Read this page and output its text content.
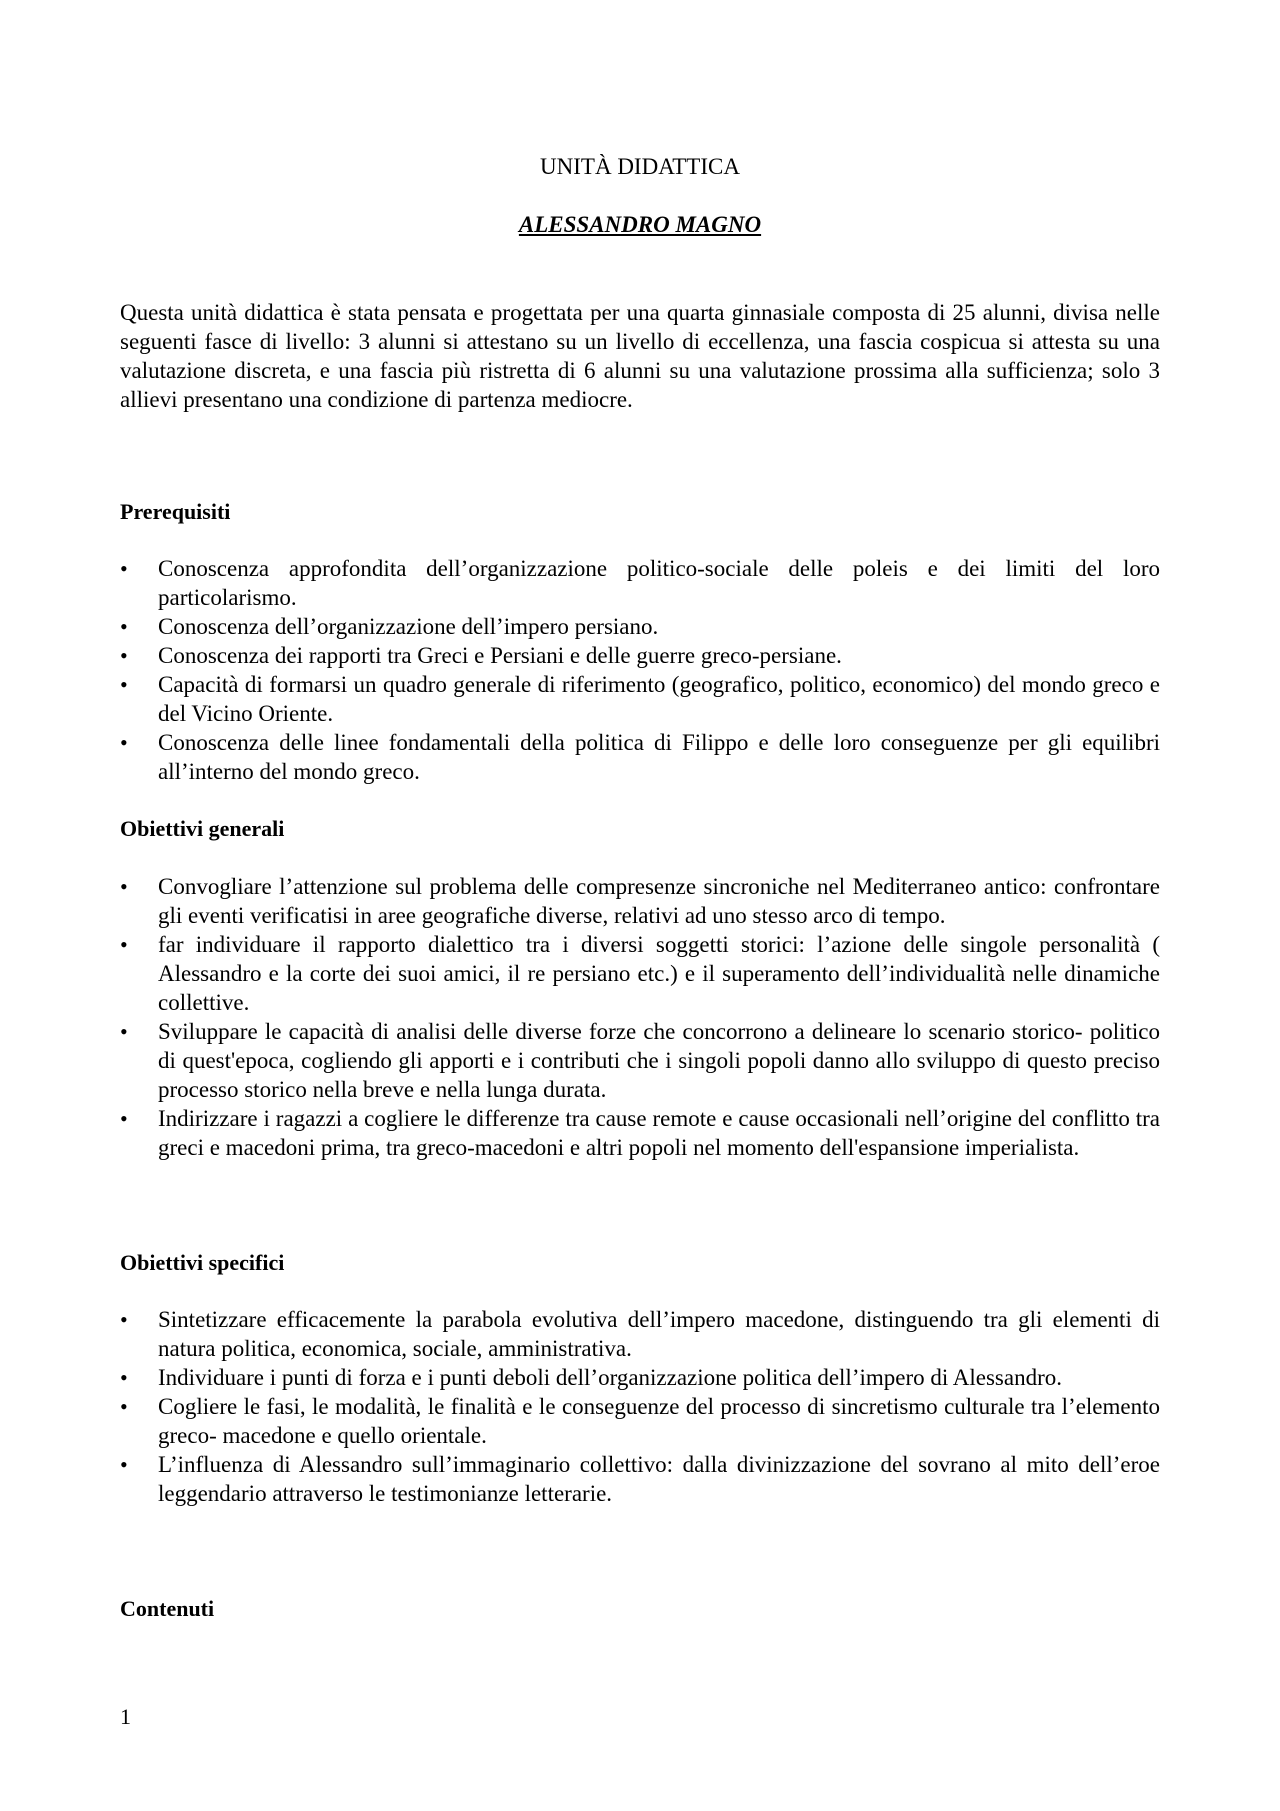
UNITÀ DIDATTICA
ALESSANDRO MAGNO

Questa unità didattica è stata pensata e progettata per una quarta ginnasiale composta di 25 alunni, divisa nelle seguenti fasce di livello: 3 alunni si attestano su un livello di eccellenza, una fascia cospicua si attesta su una valutazione discreta, e una fascia più ristretta di 6 alunni su una valutazione prossima alla sufficienza; solo 3 allievi presentano una condizione di partenza mediocre.

Prerequisiti
• Conoscenza approfondita dell’organizzazione politico-sociale delle poleis e dei limiti del loro particolarismo.
• Conoscenza dell’organizzazione dell’impero persiano.
• Conoscenza dei rapporti tra Greci e Persiani e delle guerre greco-persiane.
• Capacità di formarsi un quadro generale di riferimento (geografico, politico, economico) del mondo greco e del Vicino Oriente.
• Conoscenza delle linee fondamentali della politica di Filippo e delle loro conseguenze per gli equilibri all’interno del mondo greco.
Obiettivi generali
• Convogliare l’attenzione sul problema delle compresenze sincroniche nel Mediterraneo antico: confrontare gli eventi verificatisi in aree geografiche diverse, relativi ad uno stesso arco di tempo.
• far individuare il rapporto dialettico tra i diversi soggetti storici: l’azione delle singole personalità ( Alessandro e la corte dei suoi amici, il re persiano etc.) e il superamento dell’individualità nelle dinamiche collettive.
• Sviluppare le capacità di analisi delle diverse forze che concorrono a delineare lo scenario storico- politico di quest'epoca, cogliendo gli apporti e i contributi che i singoli popoli danno allo sviluppo di questo preciso processo storico nella breve e nella lunga durata.
• Indirizzare i ragazzi a cogliere le differenze tra cause remote e cause occasionali nell’origine del conflitto tra greci e macedoni prima, tra greco-macedoni e altri popoli nel momento dell'espansione imperialista.
Obiettivi specifici
• Sintetizzare efficacemente la parabola evolutiva dell’impero macedone, distinguendo tra gli elementi di natura politica, economica, sociale, amministrativa.
• Individuare i punti di forza e i punti deboli dell’organizzazione politica dell’impero di Alessandro.
• Cogliere le fasi, le modalità, le finalità e le conseguenze del processo di sincretismo culturale tra l’elemento greco- macedone e quello orientale.
• L’influenza di Alessandro sull’immaginario collettivo: dalla divinizzazione del sovrano al mito dell’eroe leggendario attraverso le testimonianze letterarie.
Contenuti
1
